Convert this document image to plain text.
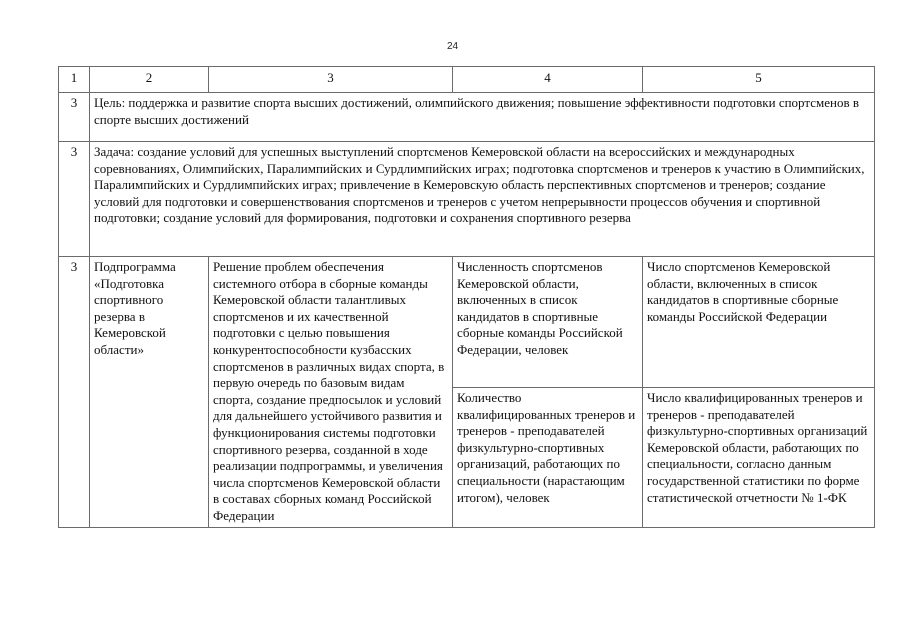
24
1	2	3	4	5
3	Цель: поддержка и развитие спорта высших достижений, олимпийского движения; повышение эффективности подготовки спортсменов в спорте высших достижений			
3	Задача: создание условий для успешных выступлений спортсменов Кемеровской области на всероссийских и международных соревнованиях, Олимпийских, Паралимпийских и Сурдлимпийских играх; подготовка спортсменов и тренеров к участию в Олимпийских, Паралимпийских и Сурдлимпийских играх; привлечение в Кемеровскую область перспективных спортсменов и тренеров; создание условий для подготовки и совершенствования спортсменов и тренеров с учетом непрерывности процессов обучения и спортивной подготовки; создание условий для формирования, подготовки и сохранения спортивного резерва			
3	Подпрограмма «Подготовка спортивного резерва в Кемеровской области»	Решение проблем обеспечения системного отбора в сборные команды Кемеровской области талантливых спортсменов и их качественной подготовки с целью повышения конкурентоспособности кузбасских спортсменов в различных видах спорта, в первую очередь по базовым видам спорта, создание предпосылок и условий для дальнейшего устойчивого развития и функционирования системы подготовки спортивного резерва, созданной в ходе реализации подпрограммы, и увеличения числа спортсменов Кемеровской области в составах сборных команд Российской Федерации	Численность спортсменов Кемеровской области, включенных в список кандидатов в спортивные сборные команды Российской Федерации, человек	Число спортсменов Кемеровской области, включенных в список кандидатов в спортивные сборные команды Российской Федерации
			Количество квалифицированных тренеров и тренеров - преподавателей физкультурно-спортивных организаций, работающих по специальности (нарастающим итогом), человек	Число квалифицированных тренеров и тренеров - преподавателей физкультурно-спортивных организаций Кемеровской области, работающих по специальности, согласно данным государственной статистики по форме статистической отчетности № 1-ФК
